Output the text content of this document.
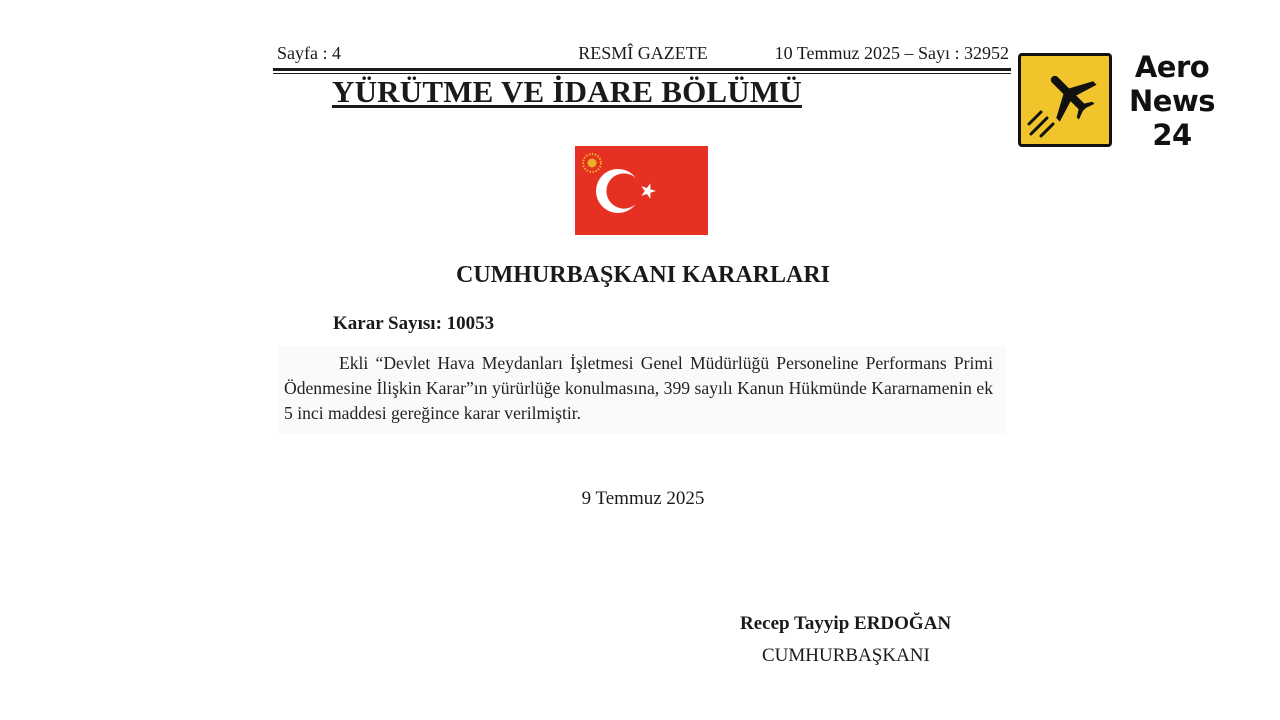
Sayfa : 4	RESMÎ GAZETE	10 Temmuz 2025 – Sayı : 32952
YÜRÜTME VE İDARE BÖLÜMÜ
CUMHURBAŞKANI KARARLARI
Karar Sayısı: 10053
Ekli “Devlet Hava Meydanları İşletmesi Genel Müdürlüğü Personeline Performans Primi Ödenmesine İlişkin Karar”ın yürürlüğe konulmasına, 399 sayılı Kanun Hükmünde Kararnamenin ek 5 inci maddesi gereğince karar verilmiştir.
9 Temmuz 2025
Recep Tayyip ERDOĞAN
CUMHURBAŞKANI
Aero
News
24
